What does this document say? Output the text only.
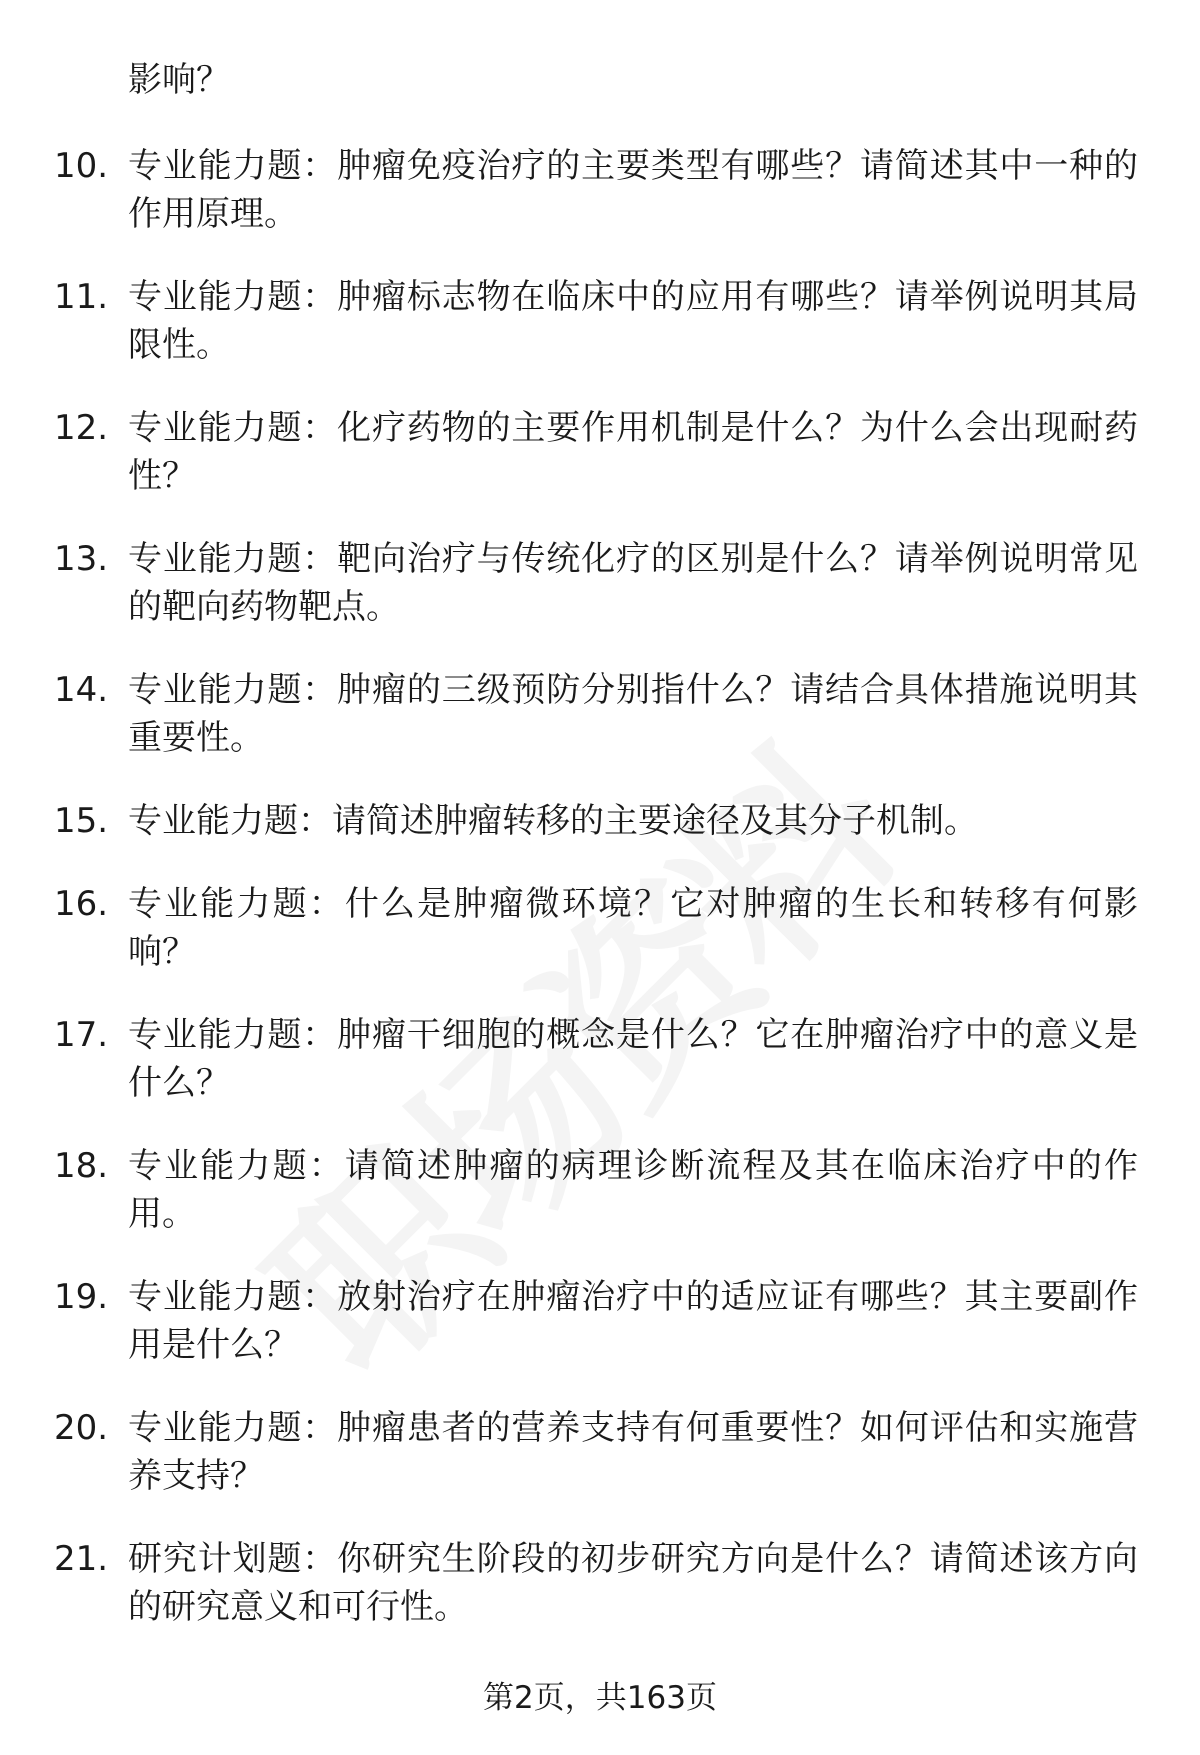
影响？
10. 专业能力题：肿瘤免疫治疗的主要类型有哪些？请简述其中一种的作用原理。
11. 专业能力题：肿瘤标志物在临床中的应用有哪些？请举例说明其局限性。
12. 专业能力题：化疗药物的主要作用机制是什么？为什么会出现耐药性？
13. 专业能力题：靶向治疗与传统化疗的区别是什么？请举例说明常见的靶向药物靶点。
14. 专业能力题：肿瘤的三级预防分别指什么？请结合具体措施说明其重要性。
15. 专业能力题：请简述肿瘤转移的主要途径及其分子机制。
16. 专业能力题：什么是肿瘤微环境？它对肿瘤的生长和转移有何影响？
17. 专业能力题：肿瘤干细胞的概念是什么？它在肿瘤治疗中的意义是什么？
18. 专业能力题：请简述肿瘤的病理诊断流程及其在临床治疗中的作用。
19. 专业能力题：放射治疗在肿瘤治疗中的适应证有哪些？其主要副作用是什么？
20. 专业能力题：肿瘤患者的营养支持有何重要性？如何评估和实施营养支持？
21. 研究计划题：你研究生阶段的初步研究方向是什么？请简述该方向的研究意义和可行性。
第2页，共163页
